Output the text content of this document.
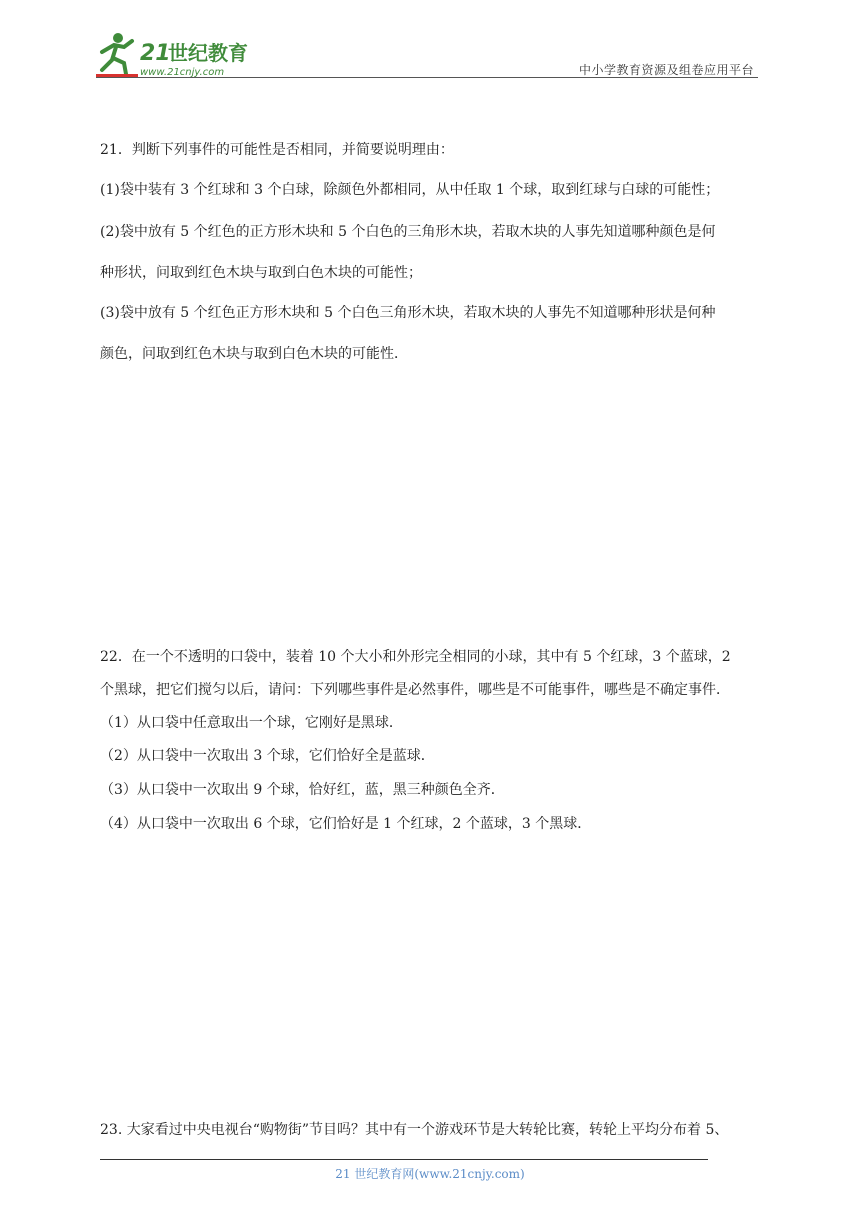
21
世纪教育
www.21cnjy.com	中小学教育资源及组卷应用平台
21．判断下列事件的可能性是否相同，并简要说明理由：
(1)袋中装有 3 个红球和 3 个白球，除颜色外都相同，从中任取 1 个球，取到红球与白球的可能性；
(2)袋中放有 5 个红色的正方形木块和 5 个白色的三角形木块，若取木块的人事先知道哪种颜色是何
种形状，问取到红色木块与取到白色木块的可能性；
(3)袋中放有 5 个红色正方形木块和 5 个白色三角形木块，若取木块的人事先不知道哪种形状是何种
颜色，问取到红色木块与取到白色木块的可能性．
22．在一个不透明的口袋中，装着 10 个大小和外形完全相同的小球，其中有 5 个红球，3 个蓝球，2
个黑球，把它们搅匀以后，请问：下列哪些事件是必然事件，哪些是不可能事件，哪些是不确定事件．
（1）从口袋中任意取出一个球，它刚好是黑球．
（2）从口袋中一次取出 3 个球，它们恰好全是蓝球．
（3）从口袋中一次取出 9 个球，恰好红，蓝，黑三种颜色全齐．
（4）从口袋中一次取出 6 个球，它们恰好是 1 个红球，2 个蓝球，3 个黑球．
23. 大家看过中央电视台“购物街”节目吗？其中有一个游戏环节是大转轮比赛，转轮上平均分布着 5、
21 世纪教育网(www.21cnjy.com)
